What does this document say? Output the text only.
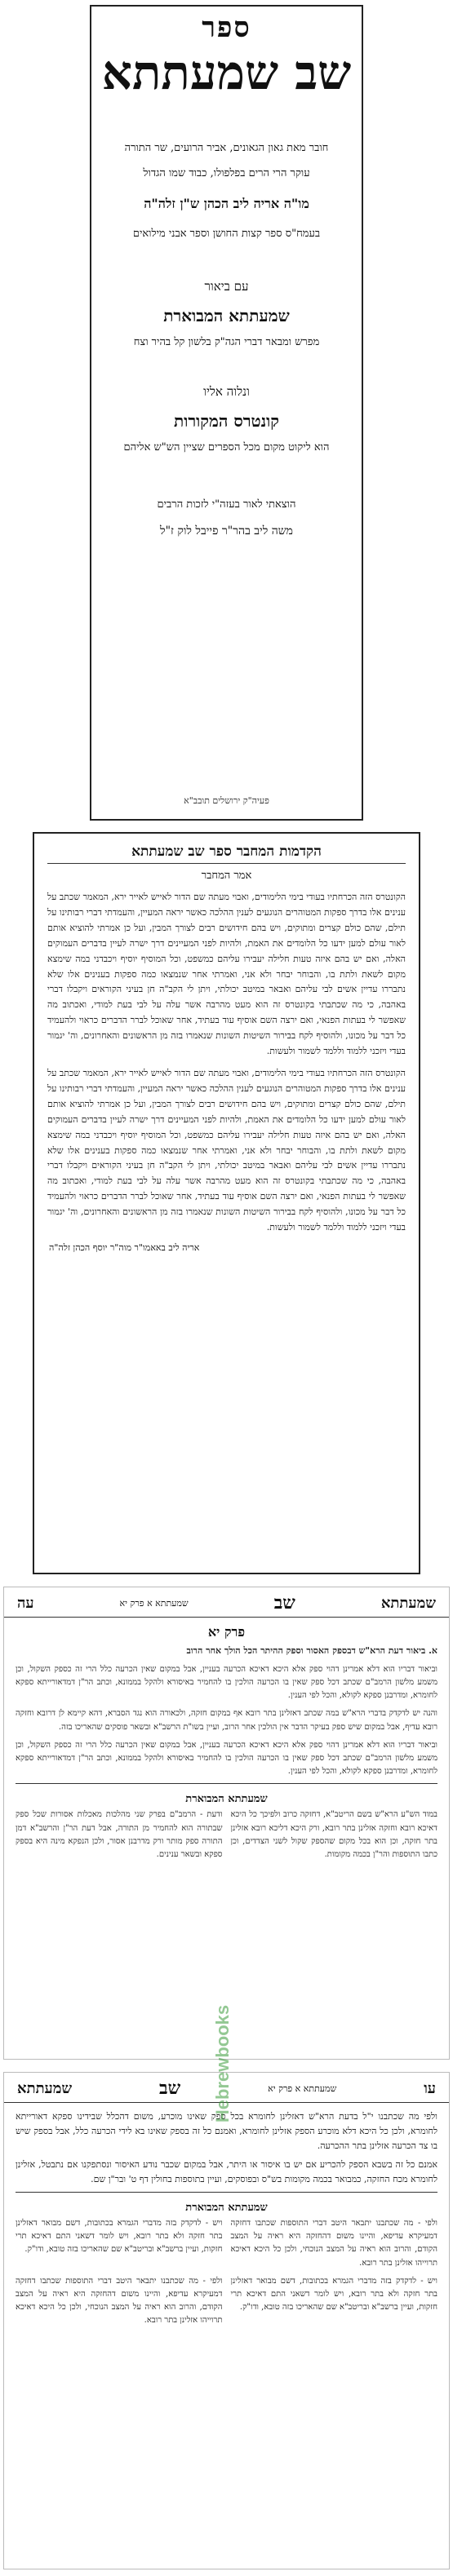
ספר
שב שמעתתא
חובר מאת גאון הגאונים, אביר הרועים, שר התורה
עוקר הרי הרים בפלפולו, כבוד שמו הגדול
מו"ה אריה ליב הכהן ש"ן זלה"ה
בעמח"ס ספר קצות החושן וספר אבני מילואים
עם ביאור
שמעתתא המבוארת
מפרש ומבאר דברי הגה"ק בלשון קל בהיר וצח
ונלוה אליו
קונטרס המקורות
הוא ליקוט מקום מכל הספרים שציין הש"ש אליהם
הוצאתי לאור בעזה"י לזכות הרבים
משה ליב בהר"ר פייבל לוק ז"ל
פעיה"ק ירושלים תובב"א
הקדמות המחבר ספר שב שמעתתא
אמר המחבר
הקונטרס הזה הכרחתיו בעודי בימי הלימודים, ואבוי מעתה שם הדור לאייש לאייר ירא, המאמר שכתב על ענינים אלו בדרך ספקות המטוהרים הנוגעים לענין ההלכה כאשר יראה המעיין, והעמדתי דברי רבותינו על תילם, שהם כולם קצרים ומתוקים, ויש בהם חידושים רבים לצורך המבין, ועל כן אמרתי להוציא אותם לאור עולם למען ידעו כל הלומדים את האמת, ולהיות לפני המעיינים דרך ישרה לעיין בדברים העמוקים האלה, ואם יש בהם איזה טעות חלילה יעבירו עליהם כמשפט, וכל המוסיף יוסיף ויכבדני במה שימצא מקום לשאת ולתת בו, והבוחר יבחר ולא אני, ואמרתי אחר שנמצאו כמה ספקות בענינים אלו שלא נתבררו עדיין אשים לבי עליהם ואבאר במיטב יכולתי, ויתן לי הקב"ה חן בעיני הקוראים ויקבלו דברי באהבה, כי מה שכתבתי בקונטרס זה הוא מעט מהרבה אשר עלה על לבי בעת למודי, ואכתוב מה שאפשר לי בעתות הפנאי, ואם ירצה השם אוסיף עוד בעתיד, אחר שאוכל לברר הדברים כראוי ולהעמיד כל דבר על מכונו, ולהוסיף לקח בבירור השיטות השונות שנאמרו בזה מן הראשונים והאחרונים, וה' יגמור בעדי ויזכני ללמוד וללמד לשמור ולעשות.
הקונטרס הזה הכרחתיו בעודי בימי הלימודים, ואבוי מעתה שם הדור לאייש לאייר ירא, המאמר שכתב על ענינים אלו בדרך ספקות המטוהרים הנוגעים לענין ההלכה כאשר יראה המעיין, והעמדתי דברי רבותינו על תילם, שהם כולם קצרים ומתוקים, ויש בהם חידושים רבים לצורך המבין, ועל כן אמרתי להוציא אותם לאור עולם למען ידעו כל הלומדים את האמת, ולהיות לפני המעיינים דרך ישרה לעיין בדברים העמוקים האלה, ואם יש בהם איזה טעות חלילה יעבירו עליהם כמשפט, וכל המוסיף יוסיף ויכבדני במה שימצא מקום לשאת ולתת בו, והבוחר יבחר ולא אני, ואמרתי אחר שנמצאו כמה ספקות בענינים אלו שלא נתבררו עדיין אשים לבי עליהם ואבאר במיטב יכולתי, ויתן לי הקב"ה חן בעיני הקוראים ויקבלו דברי באהבה, כי מה שכתבתי בקונטרס זה הוא מעט מהרבה אשר עלה על לבי בעת למודי, ואכתוב מה שאפשר לי בעתות הפנאי, ואם ירצה השם אוסיף עוד בעתיד, אחר שאוכל לברר הדברים כראוי ולהעמיד כל דבר על מכונו, ולהוסיף לקח בבירור השיטות השונות שנאמרו בזה מן הראשונים והאחרונים, וה' יגמור בעדי ויזכני ללמוד וללמד לשמור ולעשות.
אריה ליב באאמו"ר מוה"ר יוסף הכהן זלה"ה
שמעתתא
שב
שמעתתא א פרק יא
עה
פרק יא
א. ביאור דעת הרא"ש דבספק האסור וספק ההיתר הכל הולך אחר הרוב
וביאור דבריו הוא דלא אמרינן דהוי ספק אלא היכא דאיכא הכרעה בעניין, אבל במקום שאין הכרעה כלל הרי זה כספק השקול, וכן משמע מלשון הרמב"ם שכתב דכל ספק שאין בו הכרעה הולכין בו להחמיר באיסורא ולהקל בממונא, וכתב הר"ן דמדאורייתא ספקא לחומרא, ומדרבנן ספקא לקולא, והכל לפי הענין.
והנה יש לדקדק בדברי הרא"ש במה שכתב דאזלינן בתר רובא אף במקום חזקה, ולכאורה הוא נגד הסברא, דהא קיימא לן דרובא וחזקה רובא עדיף, אבל במקום שיש ספק בעיקר הדבר אין הולכין אחר הרוב, ועיין בשו"ת הרשב"א ובשאר פוסקים שהאריכו בזה.
וביאור דבריו הוא דלא אמרינן דהוי ספק אלא היכא דאיכא הכרעה בעניין, אבל במקום שאין הכרעה כלל הרי זה כספק השקול, וכן משמע מלשון הרמב"ם שכתב דכל ספק שאין בו הכרעה הולכין בו להחמיר באיסורא ולהקל בממונא, וכתב הר"ן דמדאורייתא ספקא לחומרא, ומדרבנן ספקא לקולא, והכל לפי הענין.
שמעתתא המבוארת
במוד הש"ע הרא"ש בשם הריטב"א, דחזקה כרוב ולפיכך כל היכא דאיכא רובא וחזקה אזלינן בתר רובא, ורק היכא דליכא רובא אזלינן בתר חזקה, וכן הוא בכל מקום שהספק שקול לשני הצדדים, וכן כתבו התוספות והר"ן בכמה מקומות.
ודעת - הרמב"ם בפרק שני מהלכות מאכלות אסורות שכל ספק שבתורה הוא להחמיר מן התורה, אבל דעת הר"ן והרשב"א דמן התורה ספק מותר ורק מדרבנן אסור, ולכן הנפקא מינה היא בספק ספקא ובשאר ענינים.
עו
שמעתתא א פרק יא
שב
שמעתתא
ולפי מה שכתבנו י"ל בדעת הרא"ש דאזלינן לחומרא בכל ספק שאינו מוכרע, משום דהכלל שבידינו ספקא דאורייתא לחומרא, ולכן כל היכא דלא מוכרע הספק אזלינן לחומרא, ואמנם כל זה בספק שאינו בא לידי הכרעה כלל, אבל בספק שיש בו צד הכרעה אזלינן בתר ההכרעה.
אמנם כל זה בשבא הספק להכריע אם יש בו איסור או היתר, אבל במקום שכבר נודע האיסור ונסתפקנו אם נתבטל, אזלינן לחומרא מכח החזקה, כמבואר בכמה מקומות בש"ס ובפוסקים, ועיין בתוספות בחולין דף ט' ובר"ן שם.
שמעתתא המבוארת
ולפי - מה שכתבנו יתבאר היטב דברי התוספות שכתבו דחזקה דמעיקרא עדיפא, והיינו משום דהחזקה היא ראיה על המצב הקודם, והרוב הוא ראיה על המצב הנוכחי, ולכן כל היכא דאיכא תרוייהו אזלינן בתר רובא.
ויש - לדקדק בזה מדברי הגמרא בכתובות, דשם מבואר דאזלינן בתר חזקה ולא בתר רובא, ויש לומר דשאני התם דאיכא תרי חזקות, ועיין ברשב"א ובריטב"א שם שהאריכו בזה טובא, ודו"ק.
ויש - לדקדק בזה מדברי הגמרא בכתובות, דשם מבואר דאזלינן בתר חזקה ולא בתר רובא, ויש לומר דשאני התם דאיכא תרי חזקות, ועיין ברשב"א ובריטב"א שם שהאריכו בזה טובא, ודו"ק.
ולפי - מה שכתבנו יתבאר היטב דברי התוספות שכתבו דחזקה דמעיקרא עדיפא, והיינו משום דהחזקה היא ראיה על המצב הקודם, והרוב הוא ראיה על המצב הנוכחי, ולכן כל היכא דאיכא תרוייהו אזלינן בתר רובא.
Hebrewbooks
